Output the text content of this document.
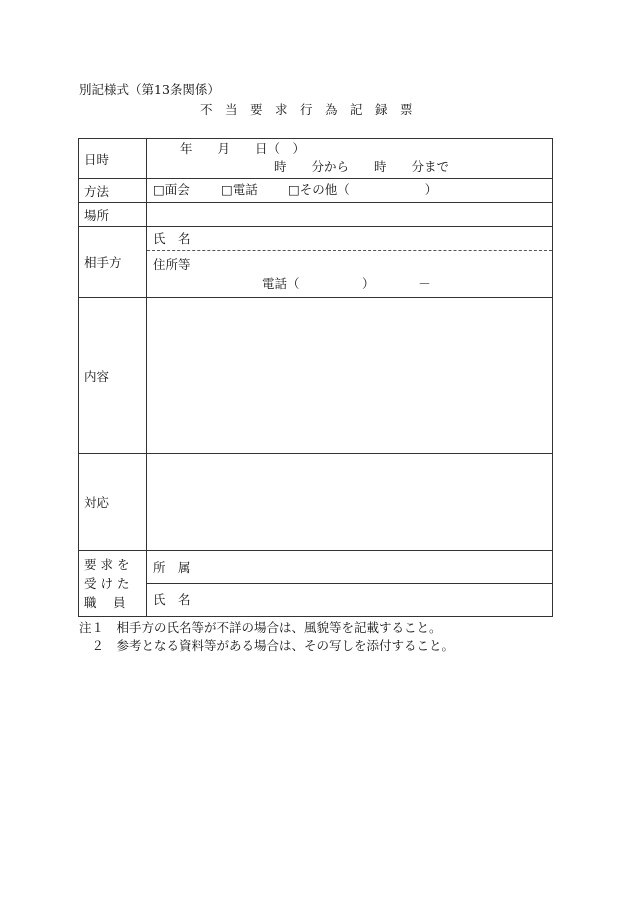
別記様式（第13条関係）
不当要求行為記録票
日時	年　　月　　日（　）
時　　分から　　時　　分まで

方法	□面会 □電話 □その他（　　　　　　）

場所	
相手方	氏　名
住所等
電話（　　　　　）　　　　－

内容	
対応	

要 求 を
受 け た
職　 員	所　属
氏　名
注１　相手方の氏名等が不詳の場合は、風貌等を記載すること。
　２　参考となる資料等がある場合は、その写しを添付すること。
